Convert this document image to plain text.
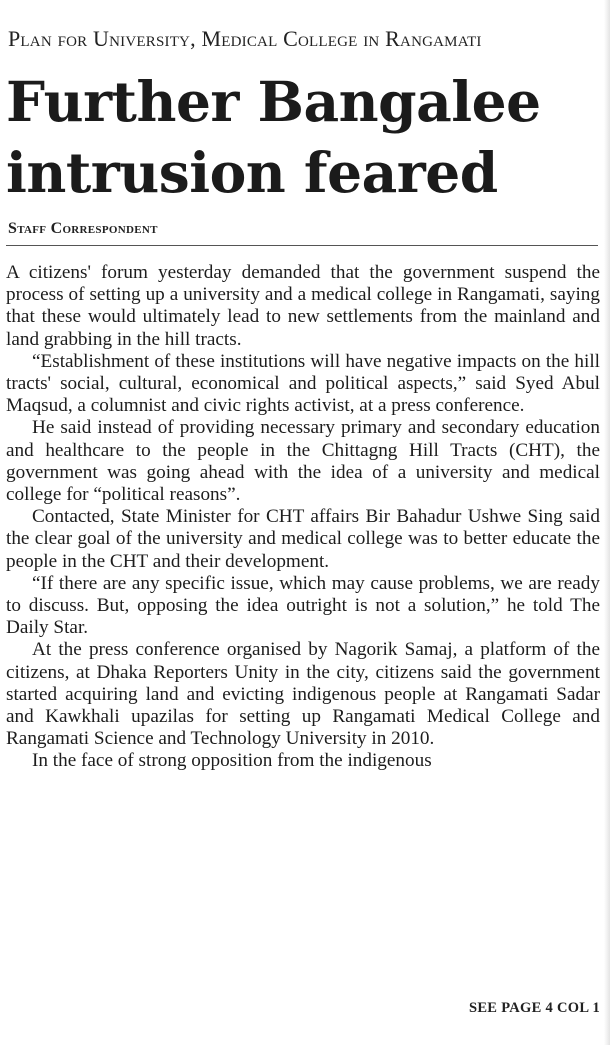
Plan for University, Medical College in Rangamati
Further Bangalee intrusion feared
Staff Correspondent

A citizens' forum yesterday demanded that the government suspend the process of setting up a university and a medical college in Rangamati, saying that these would ultimately lead to new settlements from the mainland and land grabbing in the hill tracts.

“Establishment of these institutions will have negative impacts on the hill tracts' social, cultural, economical and political aspects,” said Syed Abul Maqsud, a columnist and civic rights activist, at a press conference.

He said instead of providing necessary primary and secondary education and healthcare to the people in the Chittagng Hill Tracts (CHT), the government was going ahead with the idea of a university and medical college for “political reasons”.

Contacted, State Minister for CHT affairs Bir Bahadur Ushwe Sing said the clear goal of the university and medical college was to better educate the people in the CHT and their development.

“If there are any specific issue, which may cause problems, we are ready to discuss. But, opposing the idea outright is not a solution,” he told The Daily Star.

At the press conference organised by Nagorik Samaj, a platform of the citizens, at Dhaka Reporters Unity in the city, citizens said the government started acquiring land and evicting indigenous people at Rangamati Sadar and Kawkhali upazilas for setting up Rangamati Medical College and Rangamati Science and Technology University in 2010.

In the face of strong opposition from the indigenous

SEE PAGE 4 COL 1
